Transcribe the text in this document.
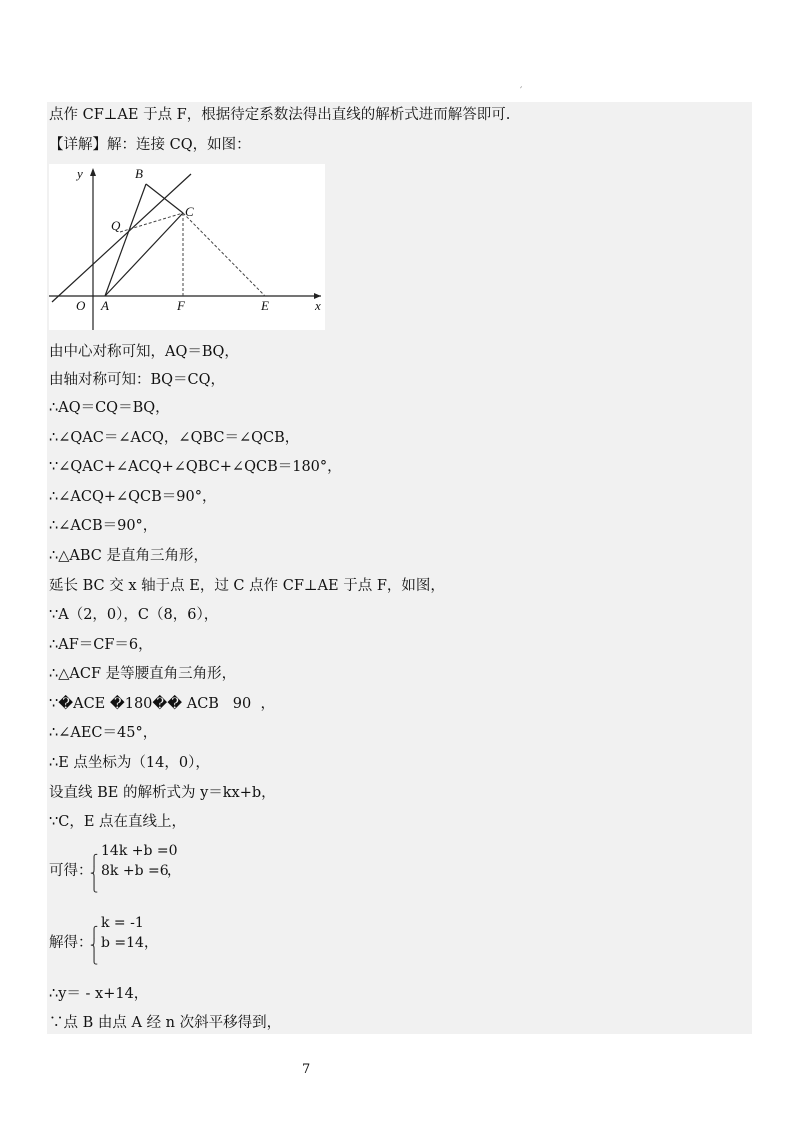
′
点作 CF⊥AE 于点 F，根据待定系数法得出直线的解析式进而解答即可.
【详解】解：连接 CQ，如图：
y
x
B
Q
C
O A	F	E
由中心对称可知，AQ＝BQ，
由轴对称可知：BQ＝CQ，
∴AQ＝CQ＝BQ，
∴∠QAC＝∠ACQ，∠QBC＝∠QCB，
∵∠QAC+∠ACQ+∠QBC+∠QCB＝180°，
∴∠ACQ+∠QCB＝90°，
∴∠ACB＝90°，
∴△ABC 是直角三角形，
延长 BC 交 x 轴于点 E，过 C 点作 CF⊥AE 于点 F，如图，
∵A（2，0），C（8，6），
∴AF＝CF＝6，
∴△ACF 是等腰直角三角形，
∵�ACE �180�� ACB   90  ，
∴∠AEC＝45°，
∴E 点坐标为（14，0），
设直线 BE 的解析式为 y＝kx+b，
∵C，E 点在直线上，
可得：
⎧
⎨
⎩
14k +b =0
8k +b =6
，
解得：
⎧
⎨
⎩
k = -1
b =14 ，
∴y＝ - x+14，
∵点 B 由点 A 经 n 次斜平移得到，
7
